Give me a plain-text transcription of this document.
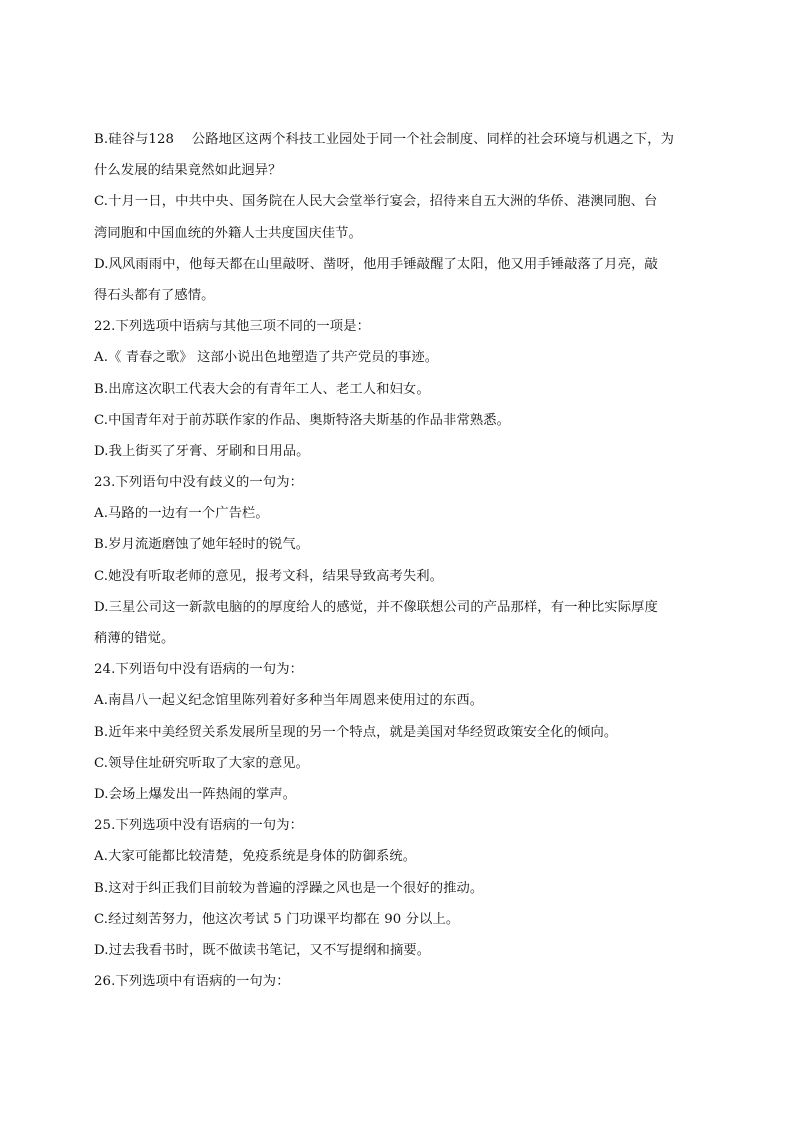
B.硅谷与128　 公路地区这两个科技工业园处于同一个社会制度、同样的社会环境与机遇之下，为
什么发展的结果竟然如此迥异？
C.十月一日，中共中央、国务院在人民大会堂举行宴会，招待来自五大洲的华侨、港澳同胞、台
湾同胞和中国血统的外籍人士共度国庆佳节。
D.风风雨雨中，他每天都在山里敲呀、凿呀，他用手锤敲醒了太阳，他又用手锤敲落了月亮，敲
得石头都有了感情。
22.下列选项中语病与其他三项不同的一项是：
A.《 青春之歌》 这部小说出色地塑造了共产党员的事迹。
B.出席这次职工代表大会的有青年工人、老工人和妇女。
C.中国青年对于前苏联作家的作品、奥斯特洛夫斯基的作品非常熟悉。
D.我上街买了牙膏、牙刷和日用品。
23.下列语句中没有歧义的一句为：
A.马路的一边有一个广告栏。
B.岁月流逝磨蚀了她年轻时的锐气。
C.她没有听取老师的意见，报考文科，结果导致高考失利。
D.三星公司这一新款电脑的的厚度给人的感觉，并不像联想公司的产品那样，有一种比实际厚度
稍薄的错觉。
24.下列语句中没有语病的一句为：
A.南昌八一起义纪念馆里陈列着好多种当年周恩来使用过的东西。
B.近年来中美经贸关系发展所呈现的另一个特点，就是美国对华经贸政策安全化的倾向。
C.领导住址研究听取了大家的意见。
D.会场上爆发出一阵热闹的掌声。
25.下列选项中没有语病的一句为：
A.大家可能都比较清楚，免疫系统是身体的防御系统。
B.这对于纠正我们目前较为普遍的浮躁之风也是一个很好的推动。
C.经过刻苦努力，他这次考试 5 门功课平均都在 90 分以上。
D.过去我看书时，既不做读书笔记，又不写提纲和摘要。
26.下列选项中有语病的一句为：
